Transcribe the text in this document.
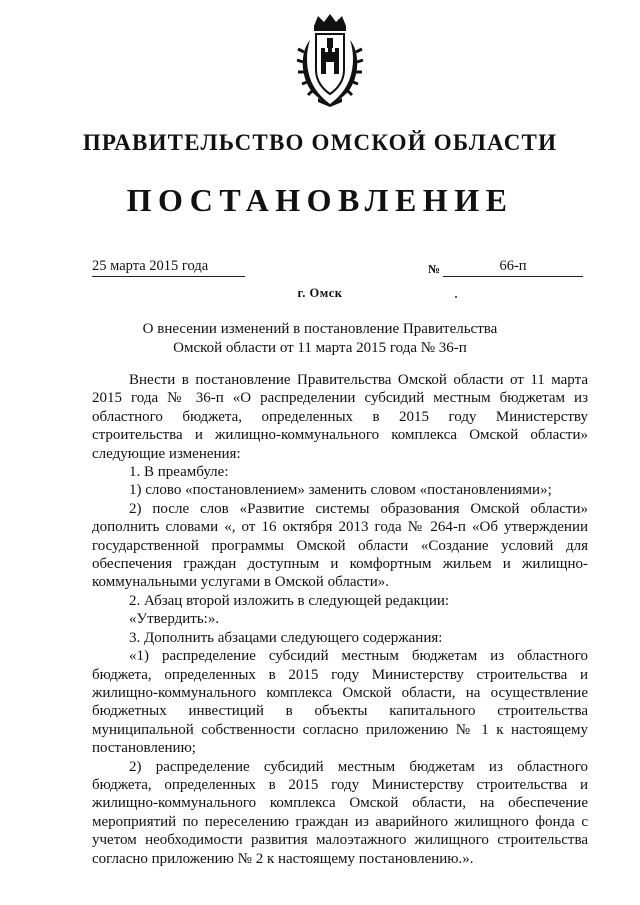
ПРАВИТЕЛЬСТВО ОМСКОЙ ОБЛАСТИ
ПОСТАНОВЛЕНИЕ
25 марта 2015 года	№	66-п
г. Омск
О внесении изменений в постановление Правительства
Омской области от 11 марта 2015 года № 36-п

Внести в постановление Правительства Омской области от 11 марта 2015 года № 36-п «О распределении субсидий местным бюджетам из областного бюджета, определенных в 2015 году Министерству строительства и жилищно-коммунального комплекса Омской области» следующие изменения:

1. В преамбуле:

1) слово «постановлением» заменить словом «постановлениями»;

2) после слов «Развитие системы образования Омской области» дополнить словами «, от 16 октября 2013 года № 264-п «Об утверждении государственной программы Омской области «Создание условий для обеспечения граждан доступным и комфортным жильем и жилищно-коммунальными услугами в Омской области».

2. Абзац второй изложить в следующей редакции:

«Утвердить:».

3. Дополнить абзацами следующего содержания:

«1) распределение субсидий местным бюджетам из областного бюджета, определенных в 2015 году Министерству строительства и жилищно-коммунального комплекса Омской области, на осуществление бюджетных инвестиций в объекты капитального строительства муниципальной собственности согласно приложению № 1 к настоящему постановлению;

2) распределение субсидий местным бюджетам из областного бюджета, определенных в 2015 году Министерству строительства и жилищно-коммунального комплекса Омской области, на обеспечение мероприятий по переселению граждан из аварийного жилищного фонда с учетом необходимости развития малоэтажного жилищного строительства согласно приложению № 2 к настоящему постановлению.».
